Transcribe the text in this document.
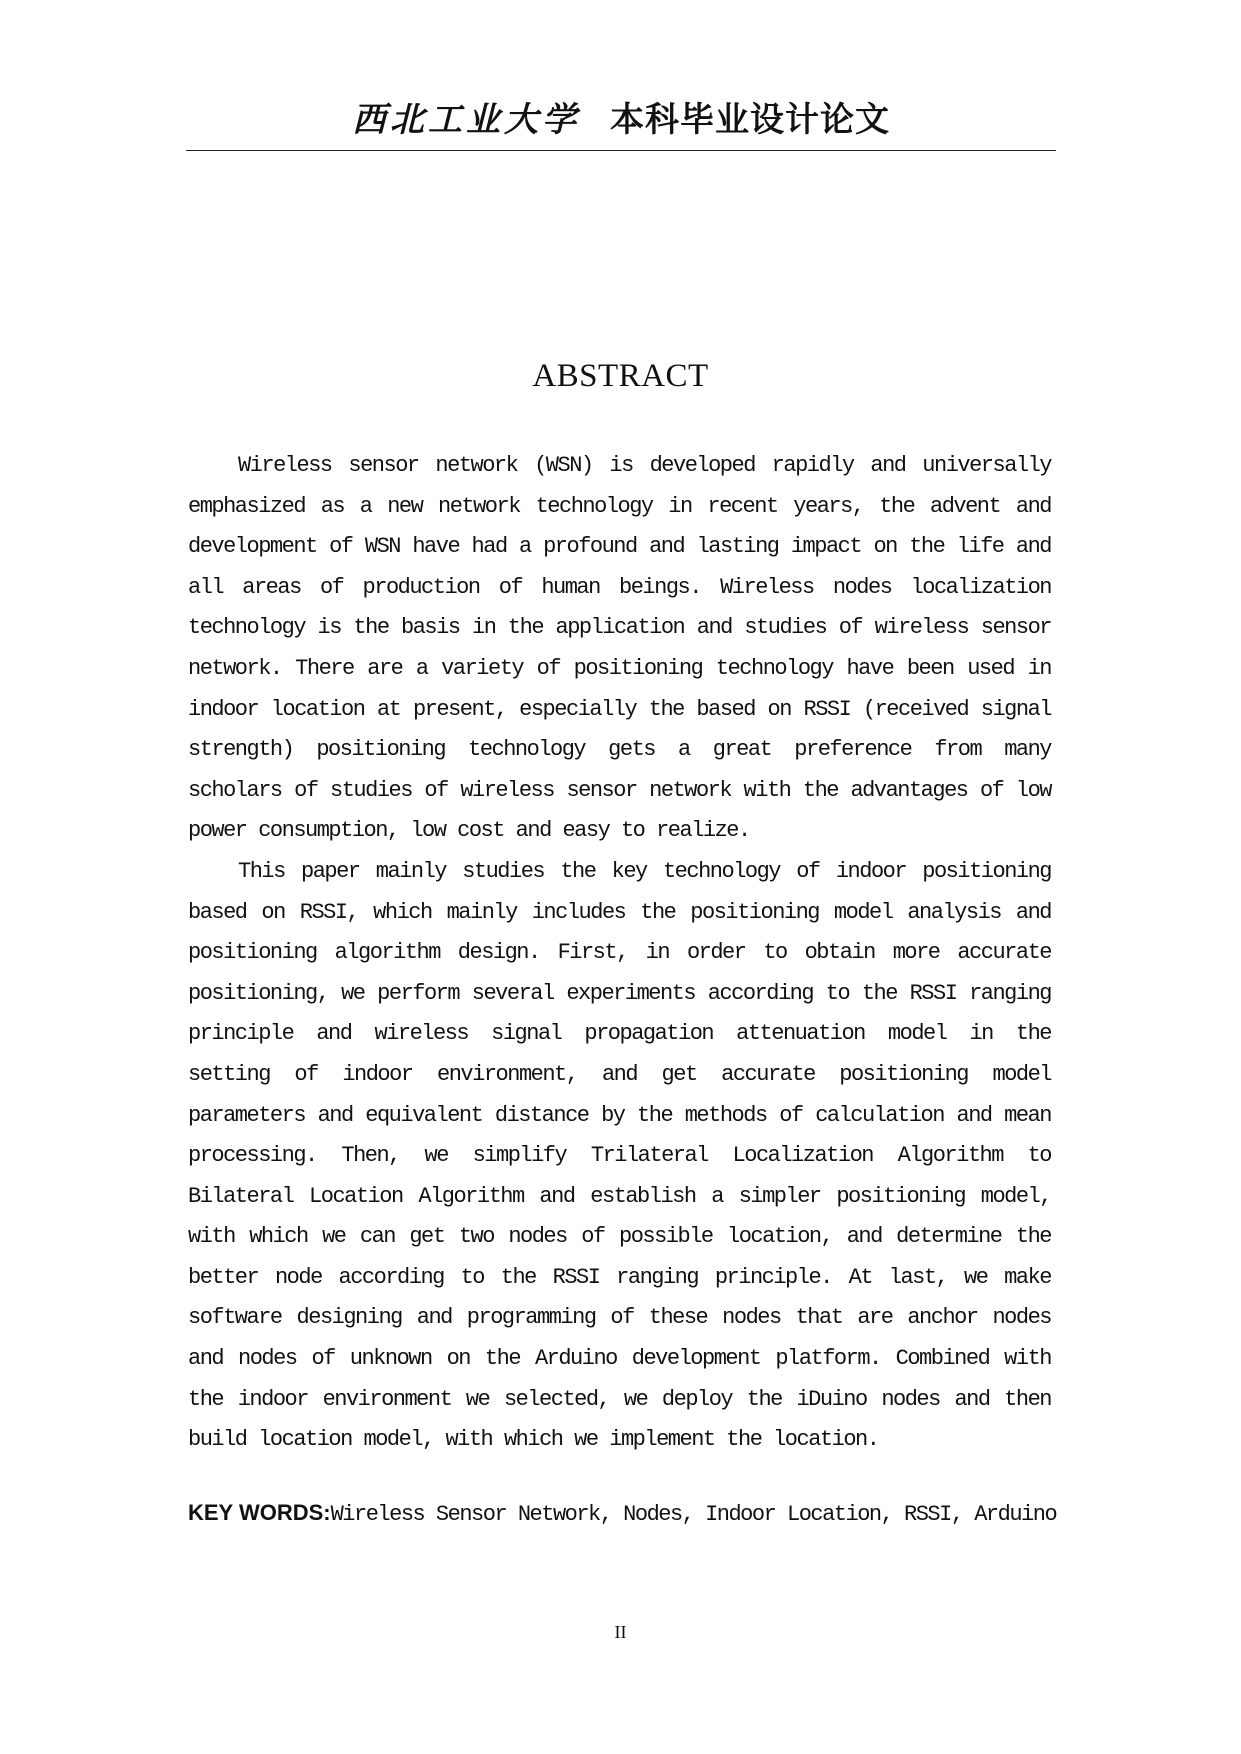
西北工业大学 本科毕业设计论文
ABSTRACT

Wireless sensor network (WSN) is developed rapidly and universally emphasized as a new network technology in recent years, the advent and development of WSN have had a profound and lasting impact on the life and all areas of production of human beings. Wireless nodes localization technology is the basis in the application and studies of wireless sensor network. There are a variety of positioning technology have been used in indoor location at present, especially the based on RSSI (received signal strength) positioning technology gets a great preference from many scholars of studies of wireless sensor network with the advantages of low power consumption, low cost and easy to realize.

This paper mainly studies the key technology of indoor positioning based on RSSI, which mainly includes the positioning model analysis and positioning algorithm design. First, in order to obtain more accurate positioning, we perform several experiments according to the RSSI ranging principle and wireless signal propagation attenuation model in the setting of indoor environment, and get accurate positioning model parameters and equivalent distance by the methods of calculation and mean processing. Then, we simplify Trilateral Localization Algorithm to Bilateral Location Algorithm and establish a simpler positioning model, with which we can get two nodes of possible location, and determine the better node according to the RSSI ranging principle. At last, we make software designing and programming of these nodes that are anchor nodes and nodes of unknown on the Arduino development platform. Combined with the indoor environment we selected, we deploy the iDuino nodes and then build location model, with which we implement the location.

KEY WORDS:Wireless Sensor Network, Nodes, Indoor Location, RSSI, Arduino
II
